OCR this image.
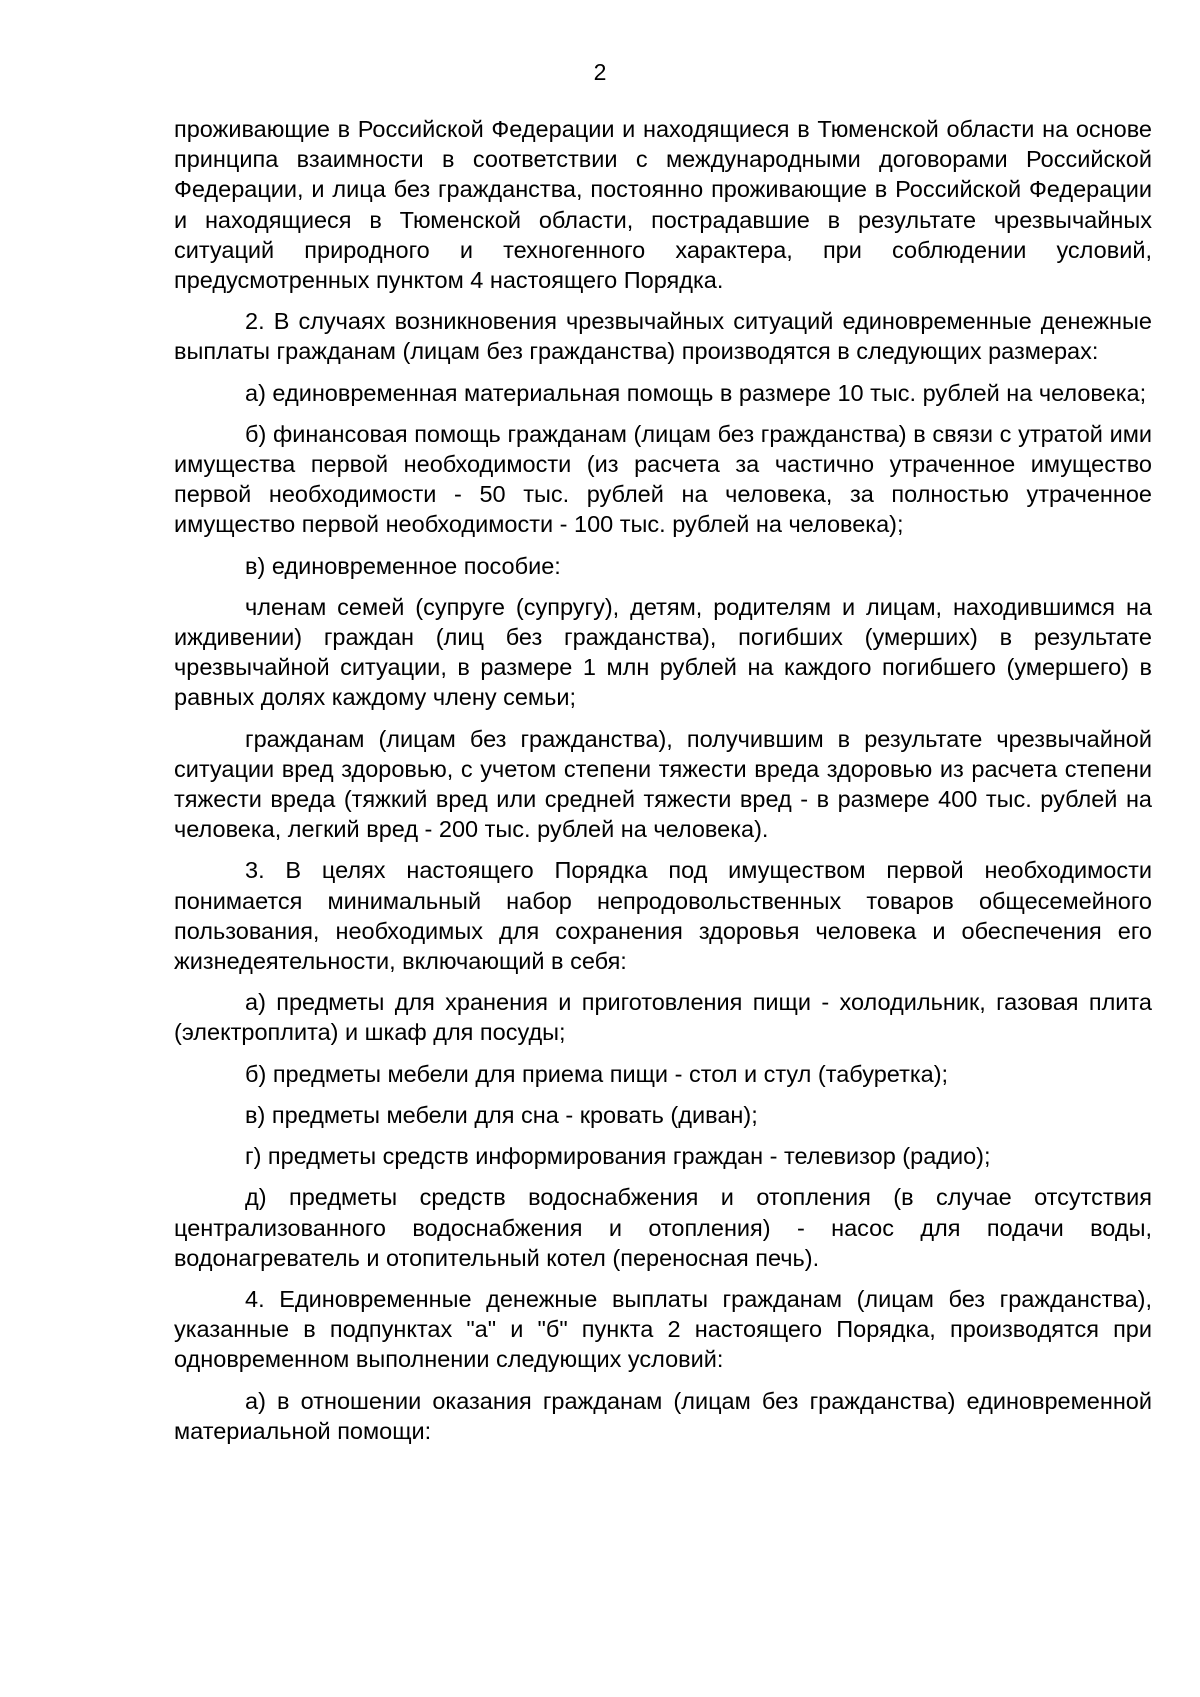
2

проживающие в Российской Федерации и находящиеся в Тюменской области на основе принципа взаимности в соответствии с международными договорами Российской Федерации, и лица без гражданства, постоянно проживающие в Российской Федерации и находящиеся в Тюменской области, пострадавшие в результате чрезвычайных ситуаций природного и техногенного характера, при соблюдении условий, предусмотренных пунктом 4 настоящего Порядка.

2. В случаях возникновения чрезвычайных ситуаций единовременные денежные выплаты гражданам (лицам без гражданства) производятся в следующих размерах:

а) единовременная материальная помощь в размере 10 тыс. рублей на человека;

б) финансовая помощь гражданам (лицам без гражданства) в связи с утратой ими имущества первой необходимости (из расчета за частично утраченное имущество первой необходимости - 50 тыс. рублей на человека, за полностью утраченное имущество первой необходимости - 100 тыс. рублей на человека);

в) единовременное пособие:

членам семей (супруге (супругу), детям, родителям и лицам, находившимся на иждивении) граждан (лиц без гражданства), погибших (умерших) в результате чрезвычайной ситуации, в размере 1 млн рублей на каждого погибшего (умершего) в равных долях каждому члену семьи;

гражданам (лицам без гражданства), получившим в результате чрезвычайной ситуации вред здоровью, с учетом степени тяжести вреда здоровью из расчета степени тяжести вреда (тяжкий вред или средней тяжести вред - в размере 400 тыс. рублей на человека, легкий вред - 200 тыс. рублей на человека).

3. В целях настоящего Порядка под имуществом первой необходимости понимается минимальный набор непродовольственных товаров общесемейного пользования, необходимых для сохранения здоровья человека и обеспечения его жизнедеятельности, включающий в себя:

а) предметы для хранения и приготовления пищи - холодильник, газовая плита (электроплита) и шкаф для посуды;

б) предметы мебели для приема пищи - стол и стул (табуретка);

в) предметы мебели для сна - кровать (диван);

г) предметы средств информирования граждан - телевизор (радио);

д) предметы средств водоснабжения и отопления (в случае отсутствия централизованного водоснабжения и отопления) - насос для подачи воды, водонагреватель и отопительный котел (переносная печь).

4. Единовременные денежные выплаты гражданам (лицам без гражданства), указанные в подпунктах "а" и "б" пункта 2 настоящего Порядка, производятся при одновременном выполнении следующих условий:

а) в отношении оказания гражданам (лицам без гражданства) единовременной материальной помощи:
